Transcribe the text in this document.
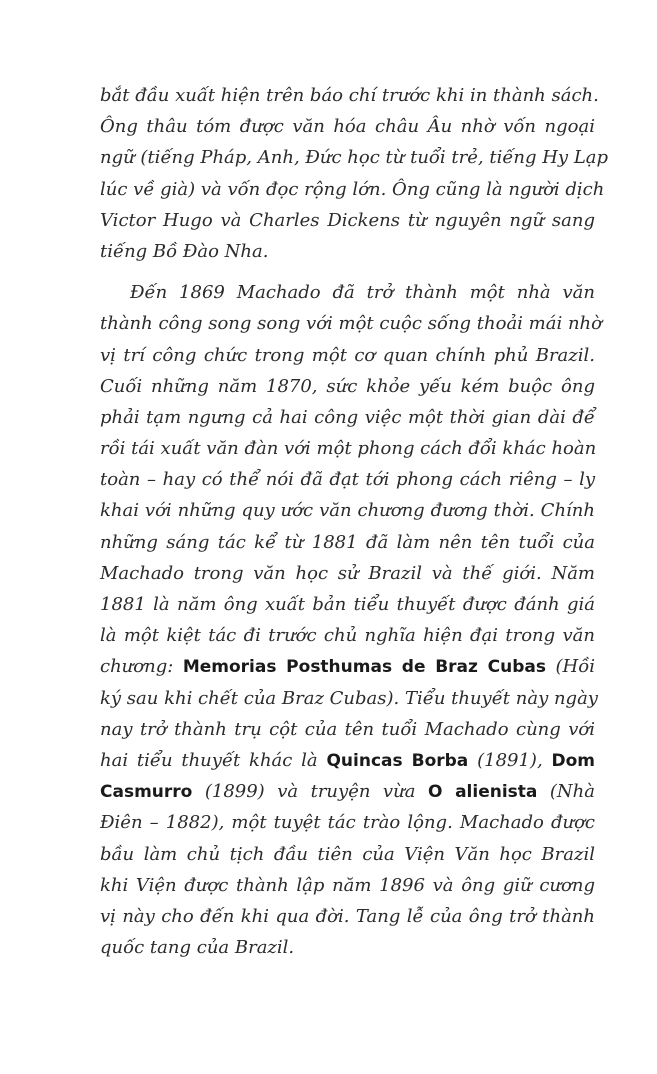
bắt đầu xuất hiện trên báo chí trước khi in thành sách.
Ông thâu tóm được văn hóa châu Âu nhờ vốn ngoại
ngữ (tiếng Pháp, Anh, Đức học từ tuổi trẻ, tiếng Hy Lạp
lúc về già) và vốn đọc rộng lớn. Ông cũng là người dịch
Victor Hugo và Charles Dickens từ nguyên ngữ sang
tiếng Bồ Đào Nha.
Đến 1869 Machado đã trở thành một nhà văn
thành công song song với một cuộc sống thoải mái nhờ
vị trí công chức trong một cơ quan chính phủ Brazil.
Cuối những năm 1870, sức khỏe yếu kém buộc ông
phải tạm ngưng cả hai công việc một thời gian dài để
rồi tái xuất văn đàn với một phong cách đổi khác hoàn
toàn – hay có thể nói đã đạt tới phong cách riêng – ly
khai với những quy ước văn chương đương thời. Chính
những sáng tác kể từ 1881 đã làm nên tên tuổi của
Machado trong văn học sử Brazil và thế giới. Năm
1881 là năm ông xuất bản tiểu thuyết được đánh giá
là một kiệt tác đi trước chủ nghĩa hiện đại trong văn
chương: Memorias Posthumas de Braz Cubas (Hồi
ký sau khi chết của Braz Cubas). Tiểu thuyết này ngày
nay trở thành trụ cột của tên tuổi Machado cùng với
hai tiểu thuyết khác là Quincas Borba (1891), Dom
Casmurro (1899) và truyện vừa O alienista (Nhà
Điên – 1882), một tuyệt tác trào lộng. Machado được
bầu làm chủ tịch đầu tiên của Viện Văn học Brazil
khi Viện được thành lập năm 1896 và ông giữ cương
vị này cho đến khi qua đời. Tang lễ của ông trở thành
quốc tang của Brazil.
